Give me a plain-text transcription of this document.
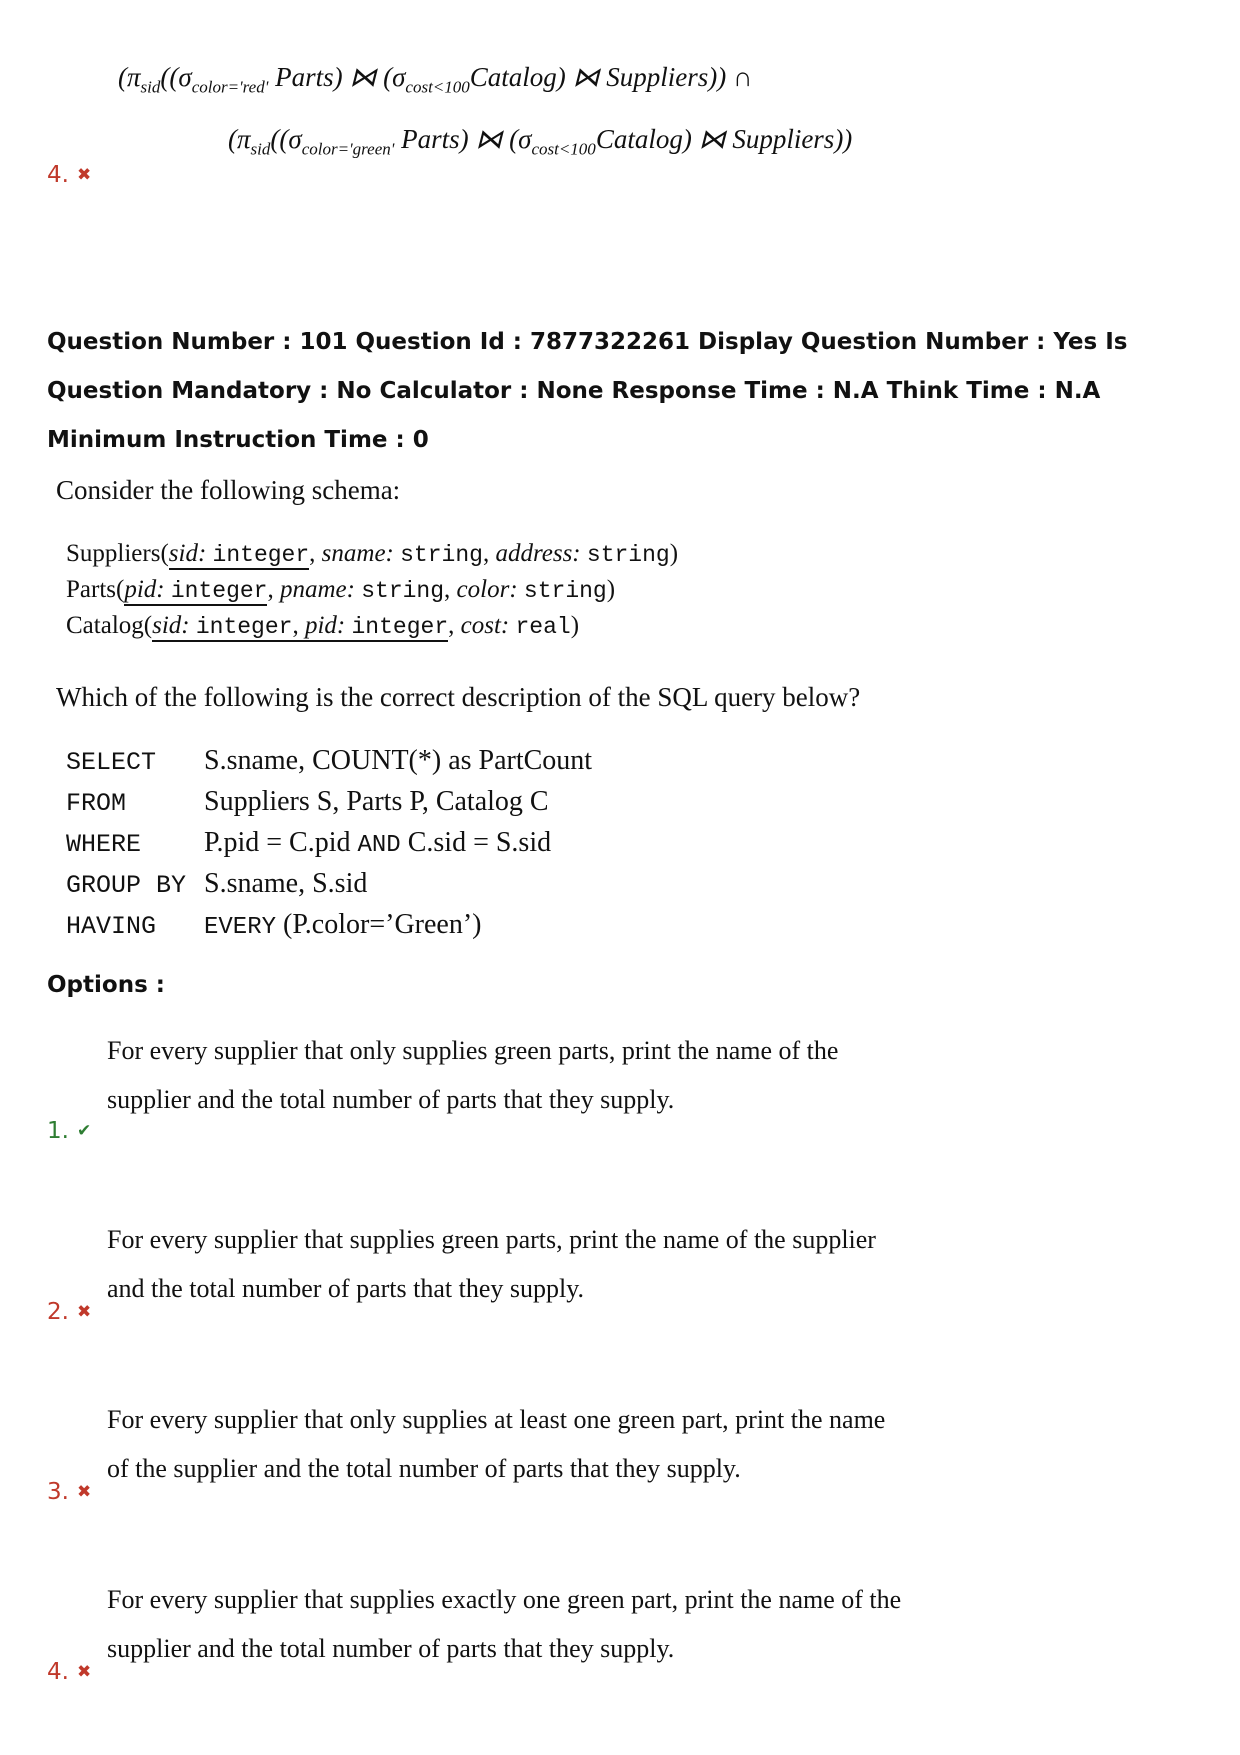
($\pi_{sid}((\sigma_{color='red'}$ Parts) ⋈ $(\sigma_{cost<100}Catalog)$ ⋈ Suppliers)) ∩
($\pi_{sid}((\sigma_{color='green'}$ Parts) ⋈ $(\sigma_{cost<100}Catalog)$ ⋈ Suppliers))
4. ✖
Question Number : 101 Question Id : 7877322261 Display Question Number : Yes Is Question Mandatory : No Calculator : None Response Time : N.A Think Time : N.A Minimum Instruction Time : 0
Consider the following schema:
Suppliers(sid: integer, sname: string, address: string)
Parts(pid: integer, pname: string, color: string)
Catalog(sid: integer, pid: integer, cost: real)
Which of the following is the correct description of the SQL query below?
SELECT S.sname, COUNT(*) as PartCount
FROM	Suppliers S, Parts P, Catalog C
WHERE P.pid = C.pid AND C.sid = S.sid
GROUP BY S.sname, S.sid
HAVING EVERY (P.color=’Green’)
Options :
For every supplier that only supplies green parts, print the name of the supplier and the total number of parts that they supply.
1. ✔
For every supplier that supplies green parts, print the name of the supplier and the total number of parts that they supply.
2. ✖
For every supplier that only supplies at least one green part, print the name of the supplier and the total number of parts that they supply.
3. ✖
For every supplier that supplies exactly one green part, print the name of the supplier and the total number of parts that they supply.
4. ✖
